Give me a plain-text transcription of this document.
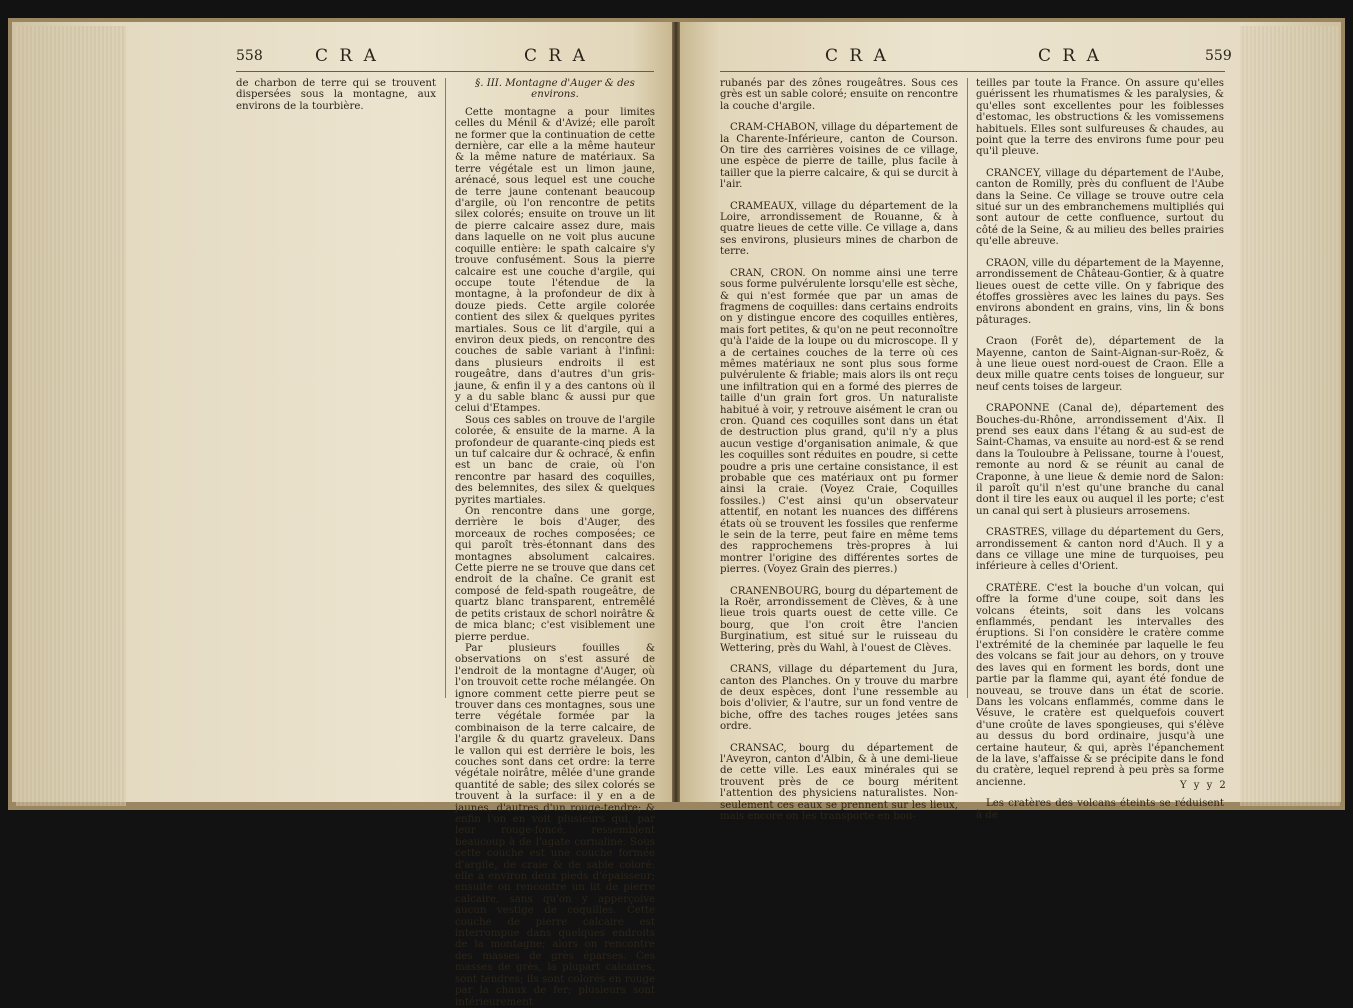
558	C R A	C R A

de charbon de terre qui se trouvent dispersées sous la montagne, aux environs de la tourbière.

§. III. Montagne d'Auger & des environs.

Cette montagne a pour limites celles du Ménil & d'Avizé; elle paroît ne former que la continuation de cette dernière, car elle a la même hauteur & la même nature de matériaux. Sa terre végétale est un limon jaune, arénacé, sous lequel est une couche de terre jaune contenant beaucoup d'argile, où l'on rencontre de petits silex colorés; ensuite on trouve un lit de pierre calcaire assez dure, mais dans laquelle on ne voit plus aucune coquille entière: le spath calcaire s'y trouve confusément. Sous la pierre calcaire est une couche d'argile, qui occupe toute l'étendue de la montagne, à la profondeur de dix à douze pieds. Cette argile colorée contient des silex & quelques pyrites martiales. Sous ce lit d'argile, qui a environ deux pieds, on rencontre des couches de sable variant à l'infini: dans plusieurs endroits il est rougeâtre, dans d'autres d'un gris-jaune, & enfin il y a des cantons où il y a du sable blanc & aussi pur que celui d'Etampes.

Sous ces sables on trouve de l'argile colorée, & ensuite de la marne. A la profondeur de quarante-cinq pieds est un tuf calcaire dur & ochracé, & enfin est un banc de craie, où l'on rencontre par hasard des coquilles, des belemnites, des silex & quelques pyrites martiales.

On rencontre dans une gorge, derrière le bois d'Auger, des morceaux de roches composées; ce qui paroît très-étonnant dans des montagnes absolument calcaires. Cette pierre ne se trouve que dans cet endroit de la chaîne. Ce granit est composé de feld-spath rougeâtre, de quartz blanc transparent, entremêlé de petits cristaux de schorl noirâtre & de mica blanc; c'est visiblement une pierre perdue.

Par plusieurs fouilles & observations on s'est assuré de l'endroit de la montagne d'Auger, où l'on trouvoit cette roche mélangée. On ignore comment cette pierre peut se trouver dans ces montagnes, sous une terre végétale formée par la combinaison de la terre calcaire, de l'argile & du quartz graveleux. Dans le vallon qui est derrière le bois, les couches sont dans cet ordre: la terre végétale noirâtre, mêlée d'une grande quantité de sable; des silex colorés se trouvent à la surface: il y en a de jaunes, d'autres d'un rouge-tendre; & enfin l'on en voit plusieurs qui, par leur rouge-foncé, ressemblent beaucoup à de l'agate cornaline. Sous cette couche est une couche formée d'argile, de craie & de sable coloré: elle a environ deux pieds d'épaisseur; ensuite on rencontre un lit de pierre calcaire, sans qu'on y apperçoive aucun vestige de coquilles. Cette couche de pierre calcaire est interrompue dans quelques endroits de la montagne; alors on rencontre des masses de grès éparses. Ces masses de grès, la plupart calcaires, sont tendres; ils sont colorés en rouge par la chaux de fer; plusieurs sont intérieurement

C R A	C R A	559

rubanés par des zônes rougeâtres. Sous ces grès est un sable coloré; ensuite on rencontre la couche d'argile.

CRAM-CHABON, village du département de la Charente-Inférieure, canton de Courson. On tire des carrières voisines de ce village, une espèce de pierre de taille, plus facile à tailler que la pierre calcaire, & qui se durcit à l'air.

CRAMEAUX, village du département de la Loire, arrondissement de Rouanne, & à quatre lieues de cette ville. Ce village a, dans ses environs, plusieurs mines de charbon de terre.

CRAN, CRON. On nomme ainsi une terre sous forme pulvérulente lorsqu'elle est sèche, & qui n'est formée que par un amas de fragmens de coquilles: dans certains endroits on y distingue encore des coquilles entières, mais fort petites, & qu'on ne peut reconnoître qu'à l'aide de la loupe ou du microscope. Il y a de certaines couches de la terre où ces mêmes matériaux ne sont plus sous forme pulvérulente & friable; mais alors ils ont reçu une infiltration qui en a formé des pierres de taille d'un grain fort gros. Un naturaliste habitué à voir, y retrouve aisément le cran ou cron. Quand ces coquilles sont dans un état de destruction plus grand, qu'il n'y a plus aucun vestige d'organisation animale, & que les coquilles sont réduites en poudre, si cette poudre a pris une certaine consistance, il est probable que ces matériaux ont pu former ainsi la craie. (Voyez Craie, Coquilles fossiles.) C'est ainsi qu'un observateur attentif, en notant les nuances des différens états où se trouvent les fossiles que renferme le sein de la terre, peut faire en même tems des rapprochemens très-propres à lui montrer l'origine des différentes sortes de pierres. (Voyez Grain des pierres.)

CRANENBOURG, bourg du département de la Roër, arrondissement de Clèves, & à une lieue trois quarts ouest de cette ville. Ce bourg, que l'on croit être l'ancien Burginatium, est situé sur le ruisseau du Wettering, près du Wahl, à l'ouest de Clèves.

CRANS, village du département du Jura, canton des Planches. On y trouve du marbre de deux espèces, dont l'une ressemble au bois d'olivier, & l'autre, sur un fond ventre de biche, offre des taches rouges jetées sans ordre.

CRANSAC, bourg du département de l'Aveyron, canton d'Albin, & à une demi-lieue de cette ville. Les eaux minérales qui se trouvent près de ce bourg méritent l'attention des physiciens naturalistes. Non-seulement ces eaux se prennent sur les lieux, mais encore on les transporte en bou-

teilles par toute la France. On assure qu'elles guérissent les rhumatismes & les paralysies, & qu'elles sont excellentes pour les foiblesses d'estomac, les obstructions & les vomissemens habituels. Elles sont sulfureuses & chaudes, au point que la terre des environs fume pour peu qu'il pleuve.

CRANCEY, village du département de l'Aube, canton de Romilly, près du confluent de l'Aube dans la Seine. Ce village se trouve outre cela situé sur un des embranchemens multipliés qui sont autour de cette confluence, surtout du côté de la Seine, & au milieu des belles prairies qu'elle abreuve.

CRAON, ville du département de la Mayenne, arrondissement de Château-Gontier, & à quatre lieues ouest de cette ville. On y fabrique des étoffes grossières avec les laines du pays. Ses environs abondent en grains, vins, lin & bons pâturages.

Craon (Forêt de), département de la Mayenne, canton de Saint-Aignan-sur-Roëz, & à une lieue ouest nord-ouest de Craon. Elle a deux mille quatre cents toises de longueur, sur neuf cents toises de largeur.

CRAPONNE (Canal de), département des Bouches-du-Rhône, arrondissement d'Aix. Il prend ses eaux dans l'étang & au sud-est de Saint-Chamas, va ensuite au nord-est & se rend dans la Touloubre à Pelissane, tourne à l'ouest, remonte au nord & se réunit au canal de Craponne, à une lieue & demie nord de Salon: il paroît qu'il n'est qu'une branche du canal dont il tire les eaux ou auquel il les porte; c'est un canal qui sert à plusieurs arrosemens.

CRASTRES, village du département du Gers, arrondissement & canton nord d'Auch. Il y a dans ce village une mine de turquoises, peu inférieure à celles d'Orient.

CRATÈRE. C'est la bouche d'un volcan, qui offre la forme d'une coupe, soit dans les volcans éteints, soit dans les volcans enflammés, pendant les intervalles des éruptions. Si l'on considère le cratère comme l'extrémité de la cheminée par laquelle le feu des volcans se fait jour au dehors, on y trouve des laves qui en forment les bords, dont une partie par la flamme qui, ayant été fondue de nouveau, se trouve dans un état de scorie. Dans les volcans enflammés, comme dans le Vésuve, le cratère est quelquefois couvert d'une croûte de laves spongieuses, qui s'élève au dessus du bord ordinaire, jusqu'à une certaine hauteur, & qui, après l'épanchement de la lave, s'affaisse & se précipite dans le fond du cratère, lequel reprend à peu près sa forme ancienne.

Les cratères des volcans éteints se réduisent à de

Y y y 2
